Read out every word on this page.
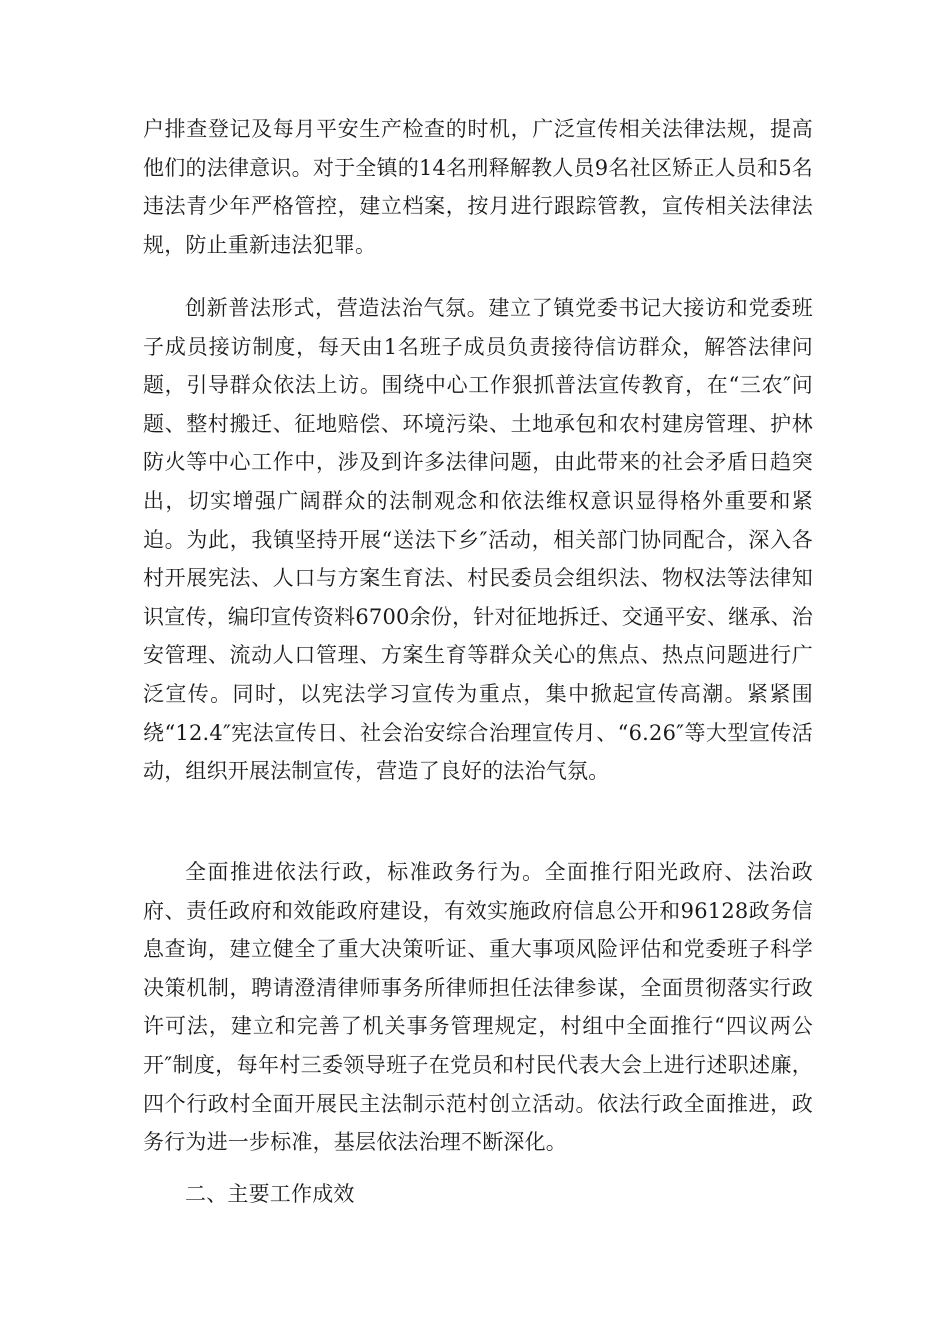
户排查登记及每月平安生产检查的时机，广泛宣传相关法律法规，提高他们的法律意识。对于全镇的14名刑释解教人员9名社区矫正人员和5名违法青少年严格管控，建立档案，按月进行跟踪管教，宣传相关法律法规，防止重新违法犯罪。

创新普法形式，营造法治气氛。建立了镇党委书记大接访和党委班子成员接访制度，每天由1名班子成员负责接待信访群众，解答法律问题，引导群众依法上访。围绕中心工作狠抓普法宣传教育，在“三农″问题、整村搬迁、征地赔偿、环境污染、土地承包和农村建房管理、护林防火等中心工作中，涉及到许多法律问题，由此带来的社会矛盾日趋突出，切实增强广阔群众的法制观念和依法维权意识显得格外重要和紧迫。为此，我镇坚持开展“送法下乡″活动，相关部门协同配合，深入各村开展宪法、人口与方案生育法、村民委员会组织法、物权法等法律知识宣传，编印宣传资料6700余份，针对征地拆迁、交通平安、继承、治安管理、流动人口管理、方案生育等群众关心的焦点、热点问题进行广泛宣传。同时，以宪法学习宣传为重点，集中掀起宣传高潮。紧紧围绕“12.4″宪法宣传日、社会治安综合治理宣传月、“6.26″等大型宣传活动，组织开展法制宣传，营造了良好的法治气氛。

全面推进依法行政，标准政务行为。全面推行阳光政府、法治政府、责任政府和效能政府建设，有效实施政府信息公开和96128政务信息查询，建立健全了重大决策听证、重大事项风险评估和党委班子科学决策机制，聘请澄清律师事务所律师担任法律参谋，全面贯彻落实行政许可法，建立和完善了机关事务管理规定，村组中全面推行“四议两公开″制度，每年村三委领导班子在党员和村民代表大会上进行述职述廉，四个行政村全面开展民主法制示范村创立活动。依法行政全面推进，政务行为进一步标准，基层依法治理不断深化。

二、主要工作成效
